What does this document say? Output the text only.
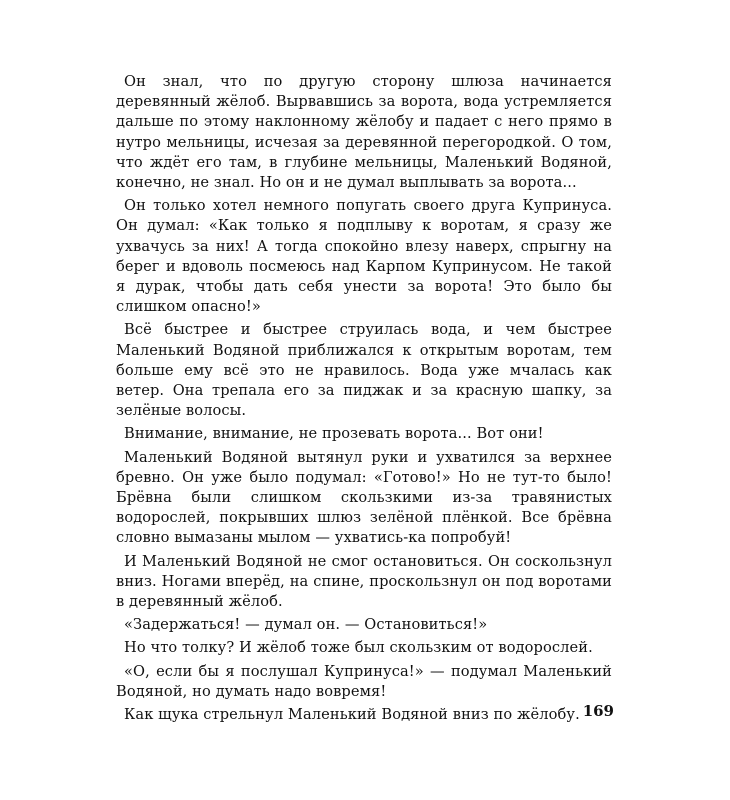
Он знал, что по другую сторону шлюза начинается деревянный жёлоб. Вырвавшись за ворота, вода устремляется дальше по этому наклонному жёлобу и падает с него прямо в нутро мельницы, исчезая за деревянной перегородкой. О том, что ждёт его там, в глубине мельницы, Маленький Водяной, конечно, не знал. Но он и не думал выплывать за ворота...

Он только хотел немного попугать своего друга Купринуса. Он думал: «Как только я подплыву к воротам, я сразу же ухвачусь за них! А тогда спокойно влезу наверх, спрыгну на берег и вдоволь посмеюсь над Карпом Купринусом. Не такой я дурак, чтобы дать себя унести за ворота! Это было бы слишком опасно!»

Всё быстрее и быстрее струилась вода, и чем быстрее Маленький Водяной приближался к открытым воротам, тем больше ему всё это не нравилось. Вода уже мчалась как ветер. Она трепала его за пиджак и за красную шапку, за зелёные волосы.

Внимание, внимание, не прозевать ворота... Вот они!

Маленький Водяной вытянул руки и ухватился за верхнее бревно. Он уже было подумал: «Готово!» Но не тут-то было! Брёвна были слишком скользкими из-за травянистых водорослей, покрывших шлюз зелёной плёнкой. Все брёвна словно вымазаны мылом — ухватись-ка попробуй!

И Маленький Водяной не смог остановиться. Он соскользнул вниз. Ногами вперёд, на спине, проскользнул он под воротами в деревянный жёлоб.

«Задержаться! — думал он. — Остановиться!»

Но что толку? И жёлоб тоже был скользким от водорослей.

«О, если бы я послушал Купринуса!» — подумал Маленький Водяной, но думать надо вовремя!

Как щука стрельнул Маленький Водяной вниз по жёлобу. 169
